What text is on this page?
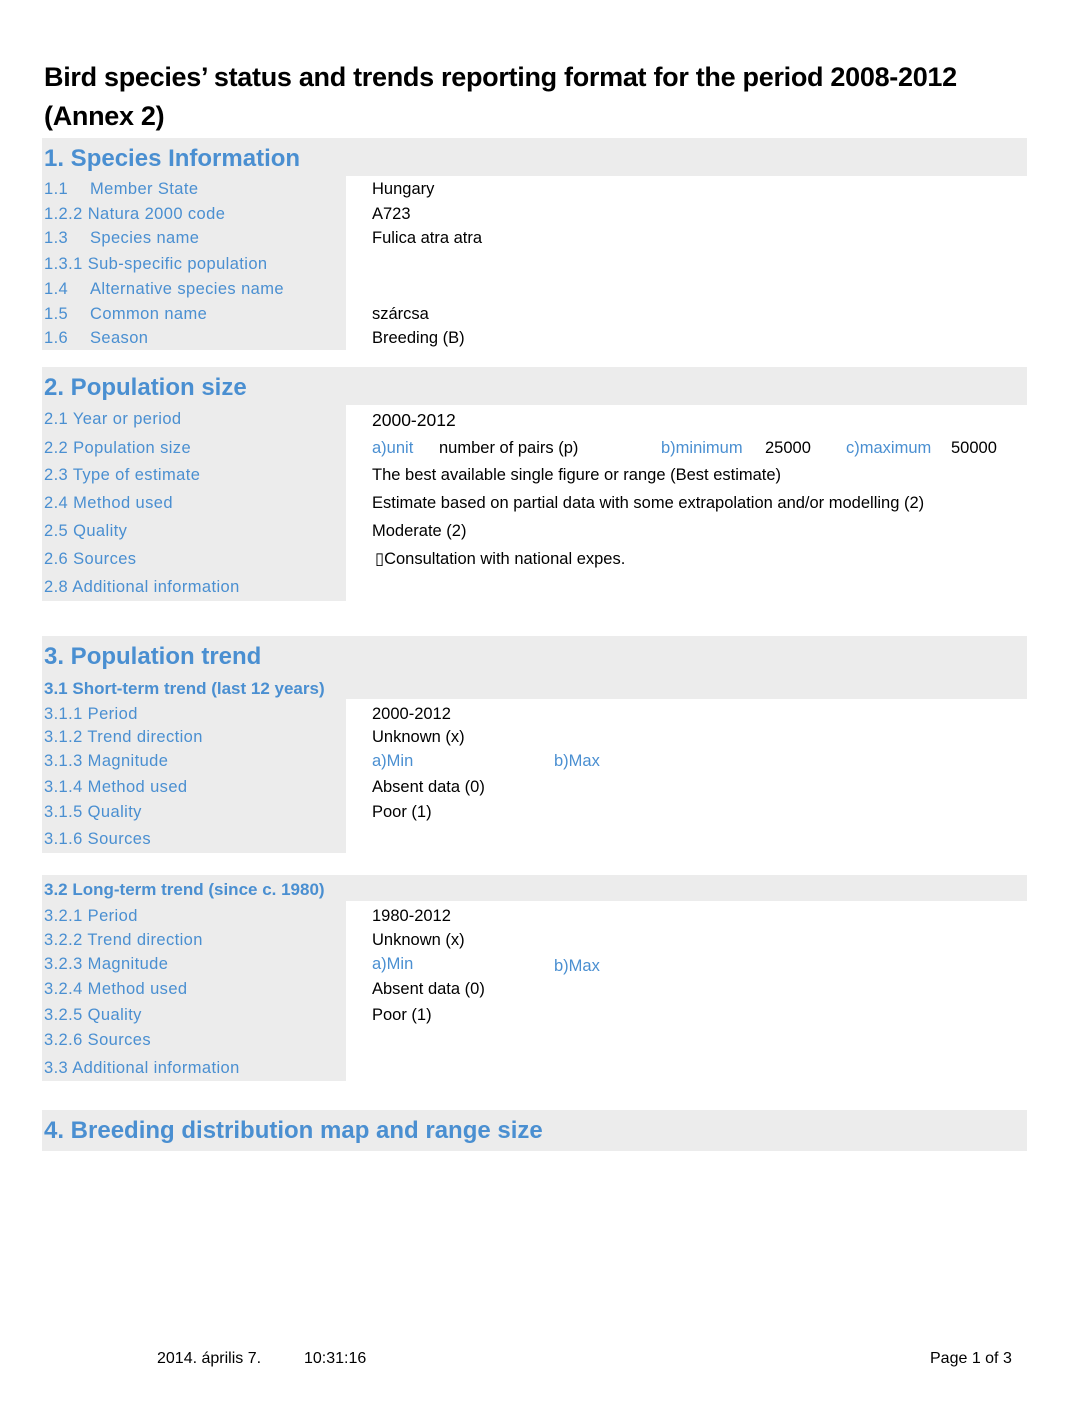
Bird species’ status and trends reporting format for the period 2008-2012 (Annex 2)
1. Species Information
1.1 Member State	Hungary
1.2.2 Natura 2000 code	A723
1.3 Species name	Fulica atra atra
1.3.1 Sub-specific population
1.4 Alternative species name
1.5 Common name	szárcsa
1.6 Season	Breeding (B)
2. Population size
2.1 Year or period	2000-2012
2.2 Population size	a)unit number of pairs (p)	b)minimum 25000 c)maximum 50000
2.3 Type of estimate	The best available single figure or range (Best estimate)
2.4 Method used	Estimate based on partial data with some extrapolation and/or modelling (2)
2.5 Quality	Moderate (2)
2.6 Sources	▯Consultation with national expes.
2.8 Additional information
3. Population trend
3.1 Short-term trend (last 12 years)
3.1.1 Period	2000-2012
3.1.2 Trend direction	Unknown (x)
3.1.3 Magnitude	a)Min	b)Max
3.1.4 Method used	Absent data (0)
3.1.5 Quality	Poor (1)
3.1.6 Sources
3.2 Long-term trend (since c. 1980)
3.2.1 Period	1980-2012
3.2.2 Trend direction	Unknown (x)
3.2.3 Magnitude	a)Min	b)Max
3.2.4 Method used	Absent data (0)
3.2.5 Quality	Poor (1)
3.2.6 Sources
3.3 Additional information
4. Breeding distribution map and range size
2014. április 7.	10:31:16	Page 1 of 3
